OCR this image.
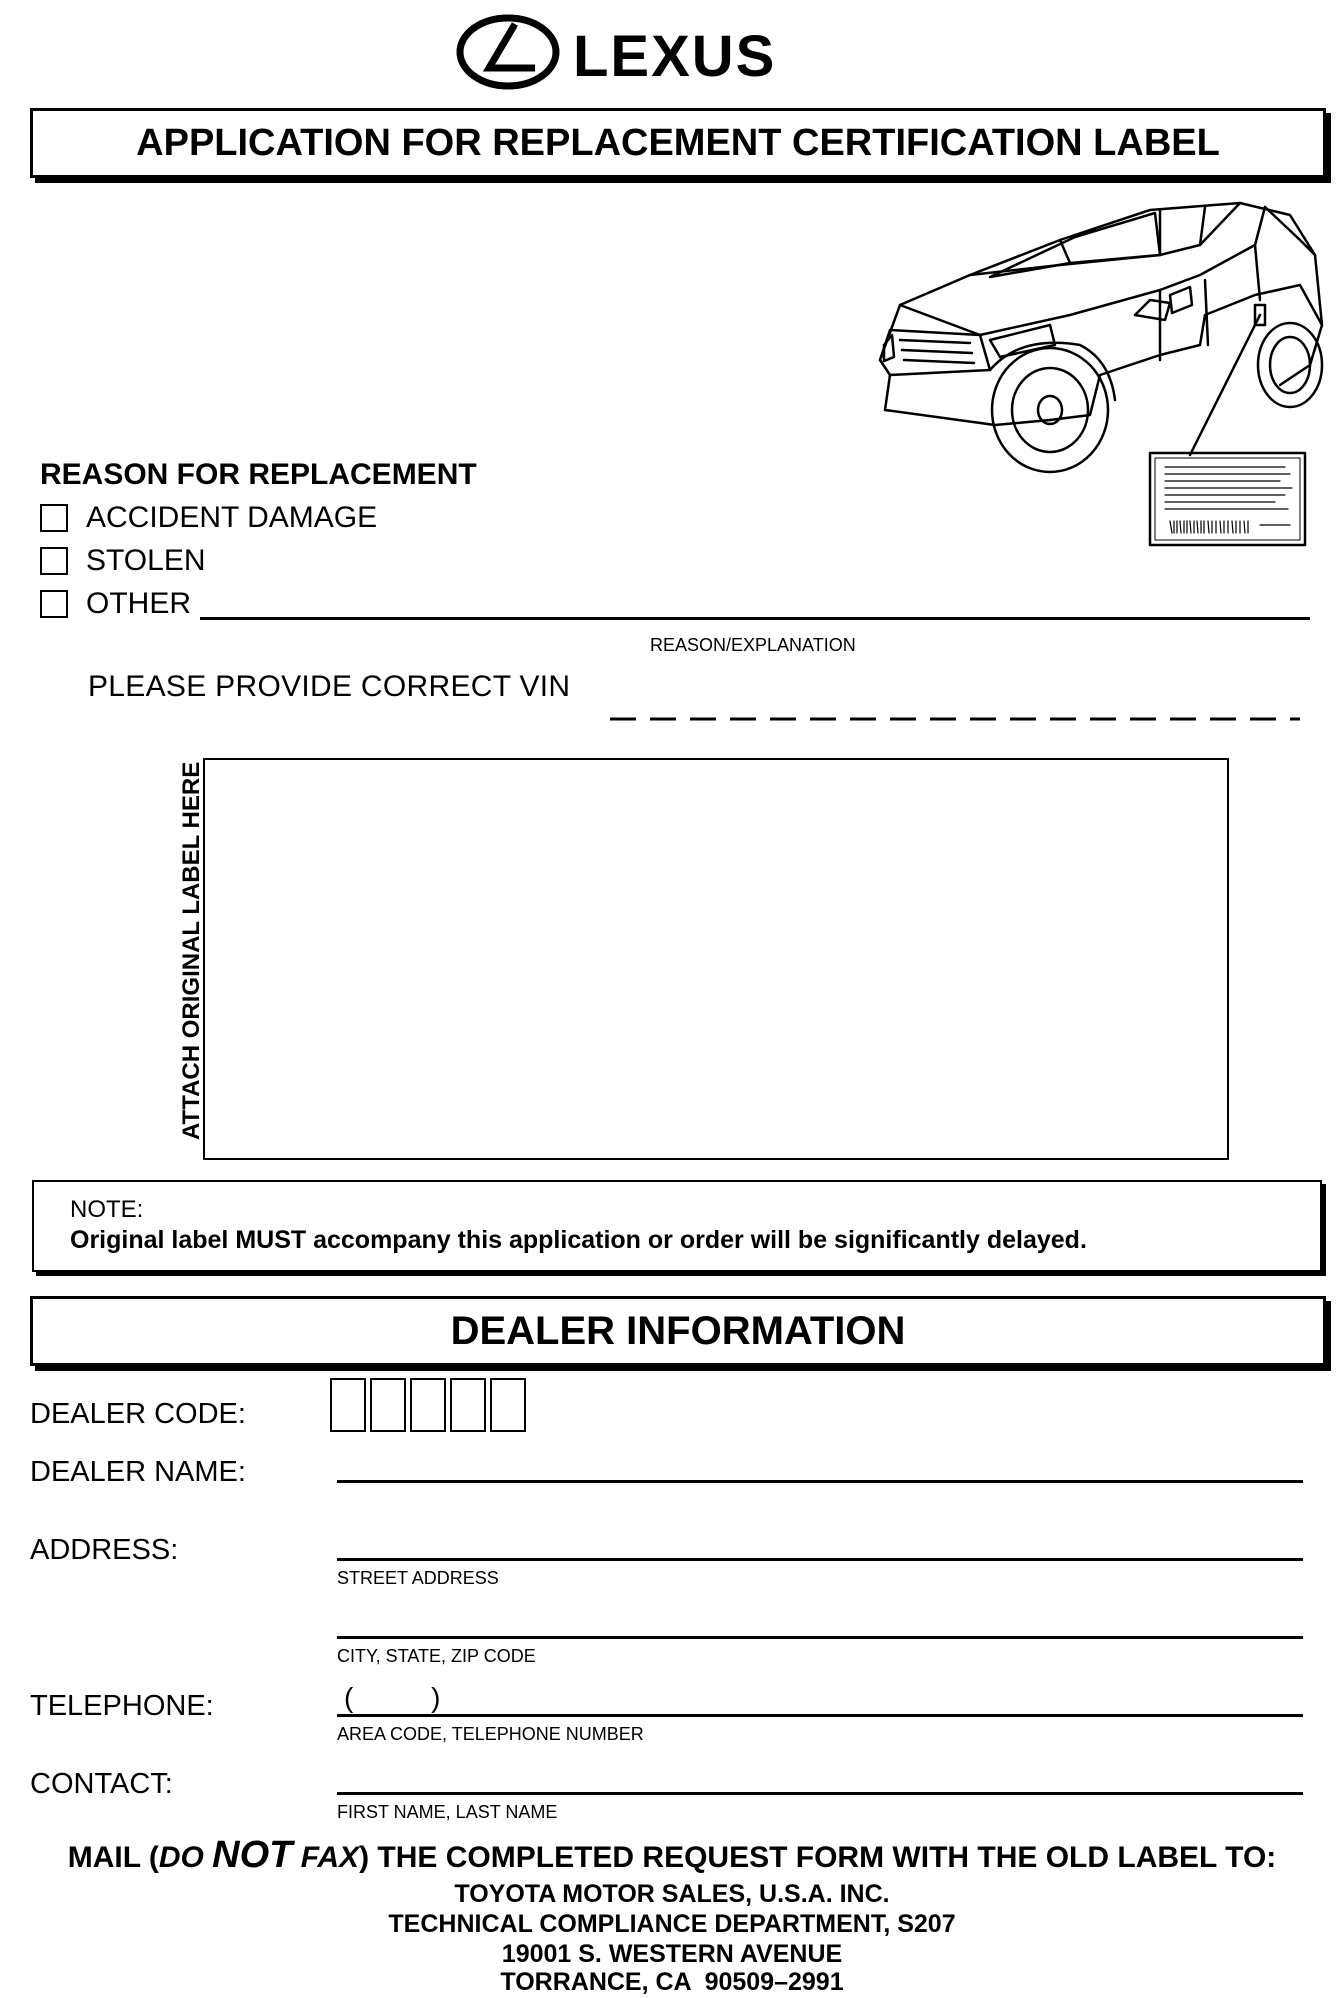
LEXUS
APPLICATION FOR REPLACEMENT CERTIFICATION LABEL
REASON FOR REPLACEMENT
ACCIDENT DAMAGE
STOLEN
OTHER
REASON/EXPLANATION
PLEASE PROVIDE CORRECT VIN
ATTACH ORIGINAL LABEL HERE
NOTE:
Original label MUST accompany this application or order will be significantly delayed.
DEALER INFORMATION
DEALER CODE:
DEALER NAME:
ADDRESS:
STREET ADDRESS
CITY, STATE, ZIP CODE
TELEPHONE:	(          )
AREA CODE, TELEPHONE NUMBER
CONTACT:
FIRST NAME, LAST NAME
MAIL (DO NOT FAX) THE COMPLETED REQUEST FORM WITH THE OLD LABEL TO:
TOYOTA MOTOR SALES, U.S.A. INC.
TECHNICAL COMPLIANCE DEPARTMENT, S207
19001 S. WESTERN AVENUE
TORRANCE, CA  90509–2991
